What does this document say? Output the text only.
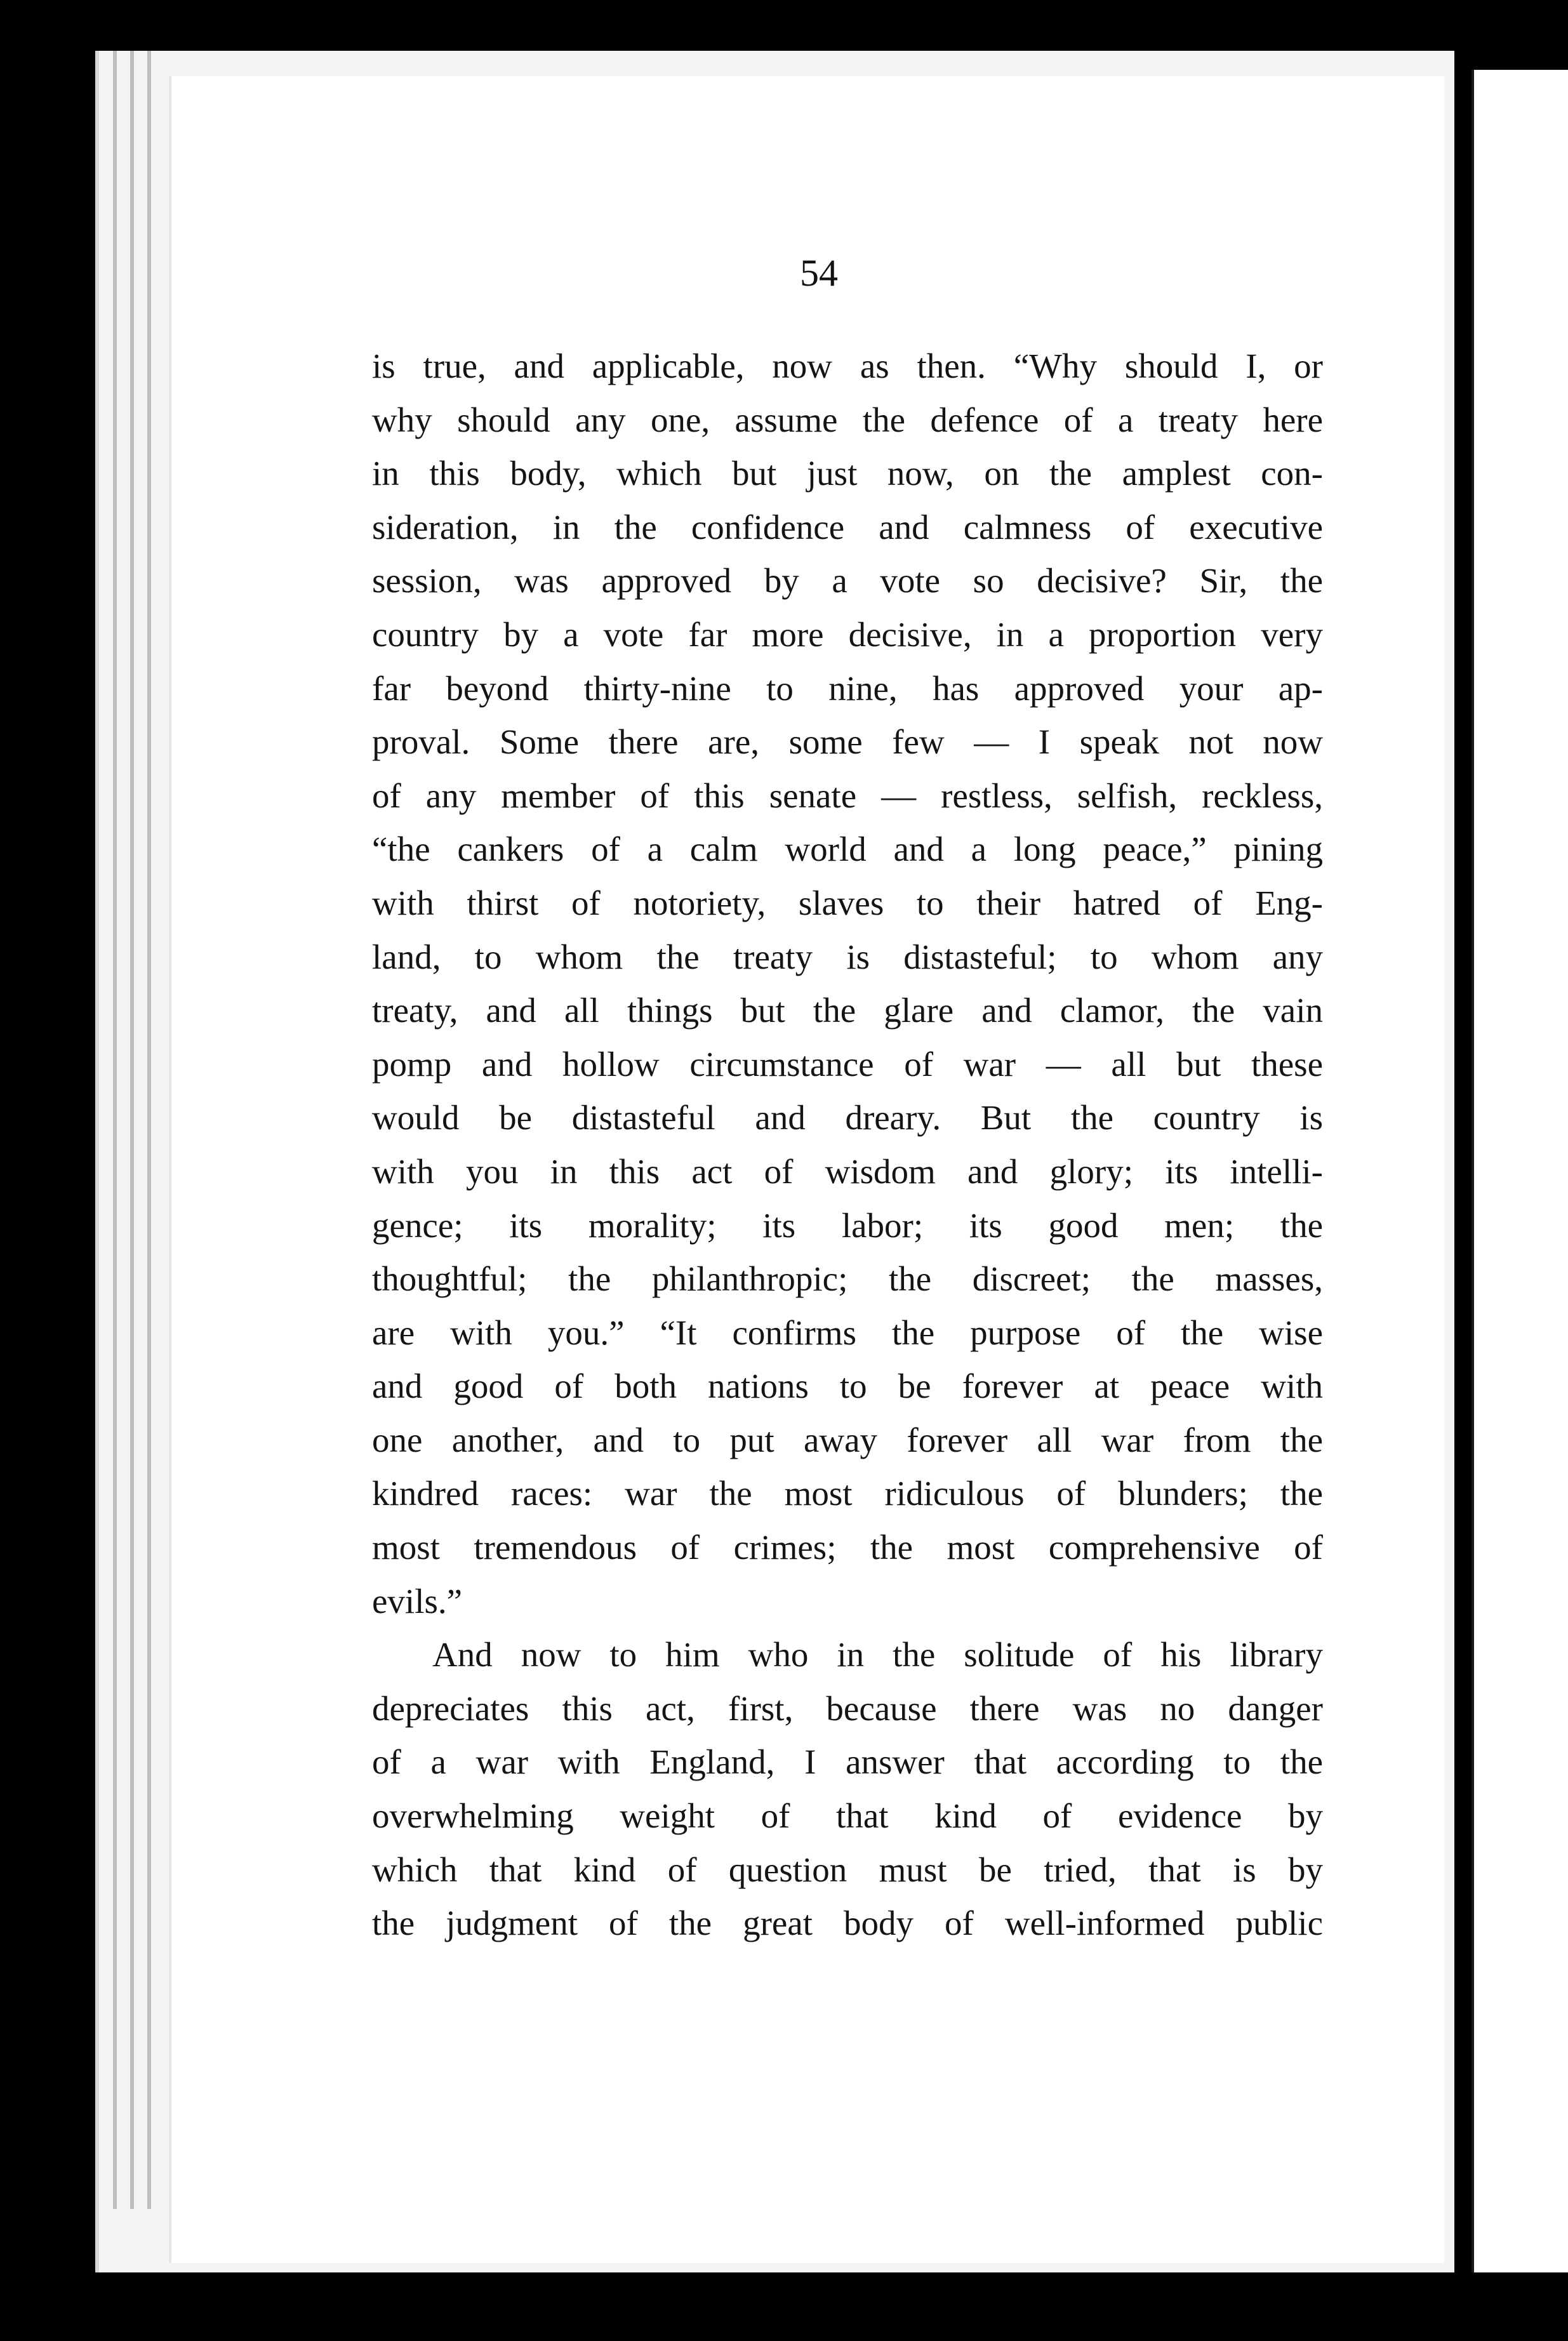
54
is true, and applicable, now as then. “Why should I, or
why should any one, assume the defence of a treaty here
in this body, which but just now, on the amplest con-
sideration, in the confidence and calmness of executive
session, was approved by a vote so decisive? Sir, the
country by a vote far more decisive, in a proportion very
far beyond thirty-nine to nine, has approved your ap-
proval. Some there are, some few — I speak not now
of any member of this senate — restless, selfish, reckless,
“the cankers of a calm world and a long peace,” pining
with thirst of notoriety, slaves to their hatred of Eng-
land, to whom the treaty is distasteful; to whom any
treaty, and all things but the glare and clamor, the vain
pomp and hollow circumstance of war — all but these
would be distasteful and dreary. But the country is
with you in this act of wisdom and glory; its intelli-
gence; its morality; its labor; its good men; the
thoughtful; the philanthropic; the discreet; the masses,
are with you.” “It confirms the purpose of the wise
and good of both nations to be forever at peace with
one another, and to put away forever all war from the
kindred races: war the most ridiculous of blunders; the
most tremendous of crimes; the most comprehensive of
evils.”
And now to him who in the solitude of his library
depreciates this act, first, because there was no danger
of a war with England, I answer that according to the
overwhelming weight of that kind of evidence by
which that kind of question must be tried, that is by
the judgment of the great body of well-informed public
